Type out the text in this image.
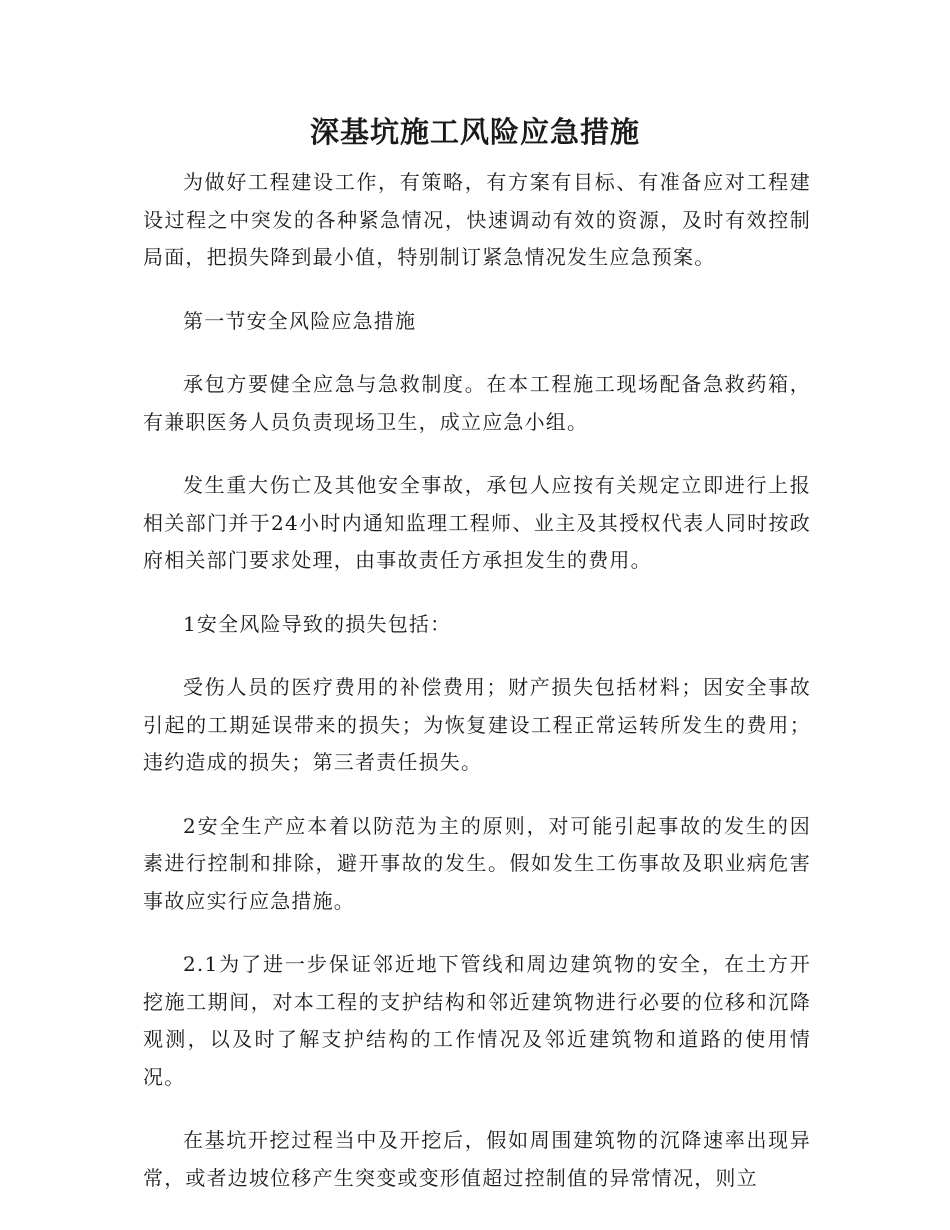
深基坑施工风险应急措施

为做好工程建设工作，有策略，有方案有目标、有准备应对工程建设过程之中突发的各种紧急情况，快速调动有效的资源，及时有效控制局面，把损失降到最小值，特别制订紧急情况发生应急预案。

第一节安全风险应急措施

承包方要健全应急与急救制度。在本工程施工现场配备急救药箱，有兼职医务人员负责现场卫生，成立应急小组。

发生重大伤亡及其他安全事故，承包人应按有关规定立即进行上报相关部门并于24小时内通知监理工程师、业主及其授权代表人同时按政府相关部门要求处理，由事故责任方承担发生的费用。

1安全风险导致的损失包括：

受伤人员的医疗费用的补偿费用；财产损失包括材料；因安全事故引起的工期延误带来的损失；为恢复建设工程正常运转所发生的费用；违约造成的损失；第三者责任损失。

2安全生产应本着以防范为主的原则，对可能引起事故的发生的因素进行控制和排除，避开事故的发生。假如发生工伤事故及职业病危害事故应实行应急措施。

2.1为了进一步保证邻近地下管线和周边建筑物的安全，在土方开挖施工期间，对本工程的支护结构和邻近建筑物进行必要的位移和沉降观测，以及时了解支护结构的工作情况及邻近建筑物和道路的使用情况。

在基坑开挖过程当中及开挖后，假如周围建筑物的沉降速率出现异常，或者边坡位移产生突变或变形值超过控制值的异常情况，则立
